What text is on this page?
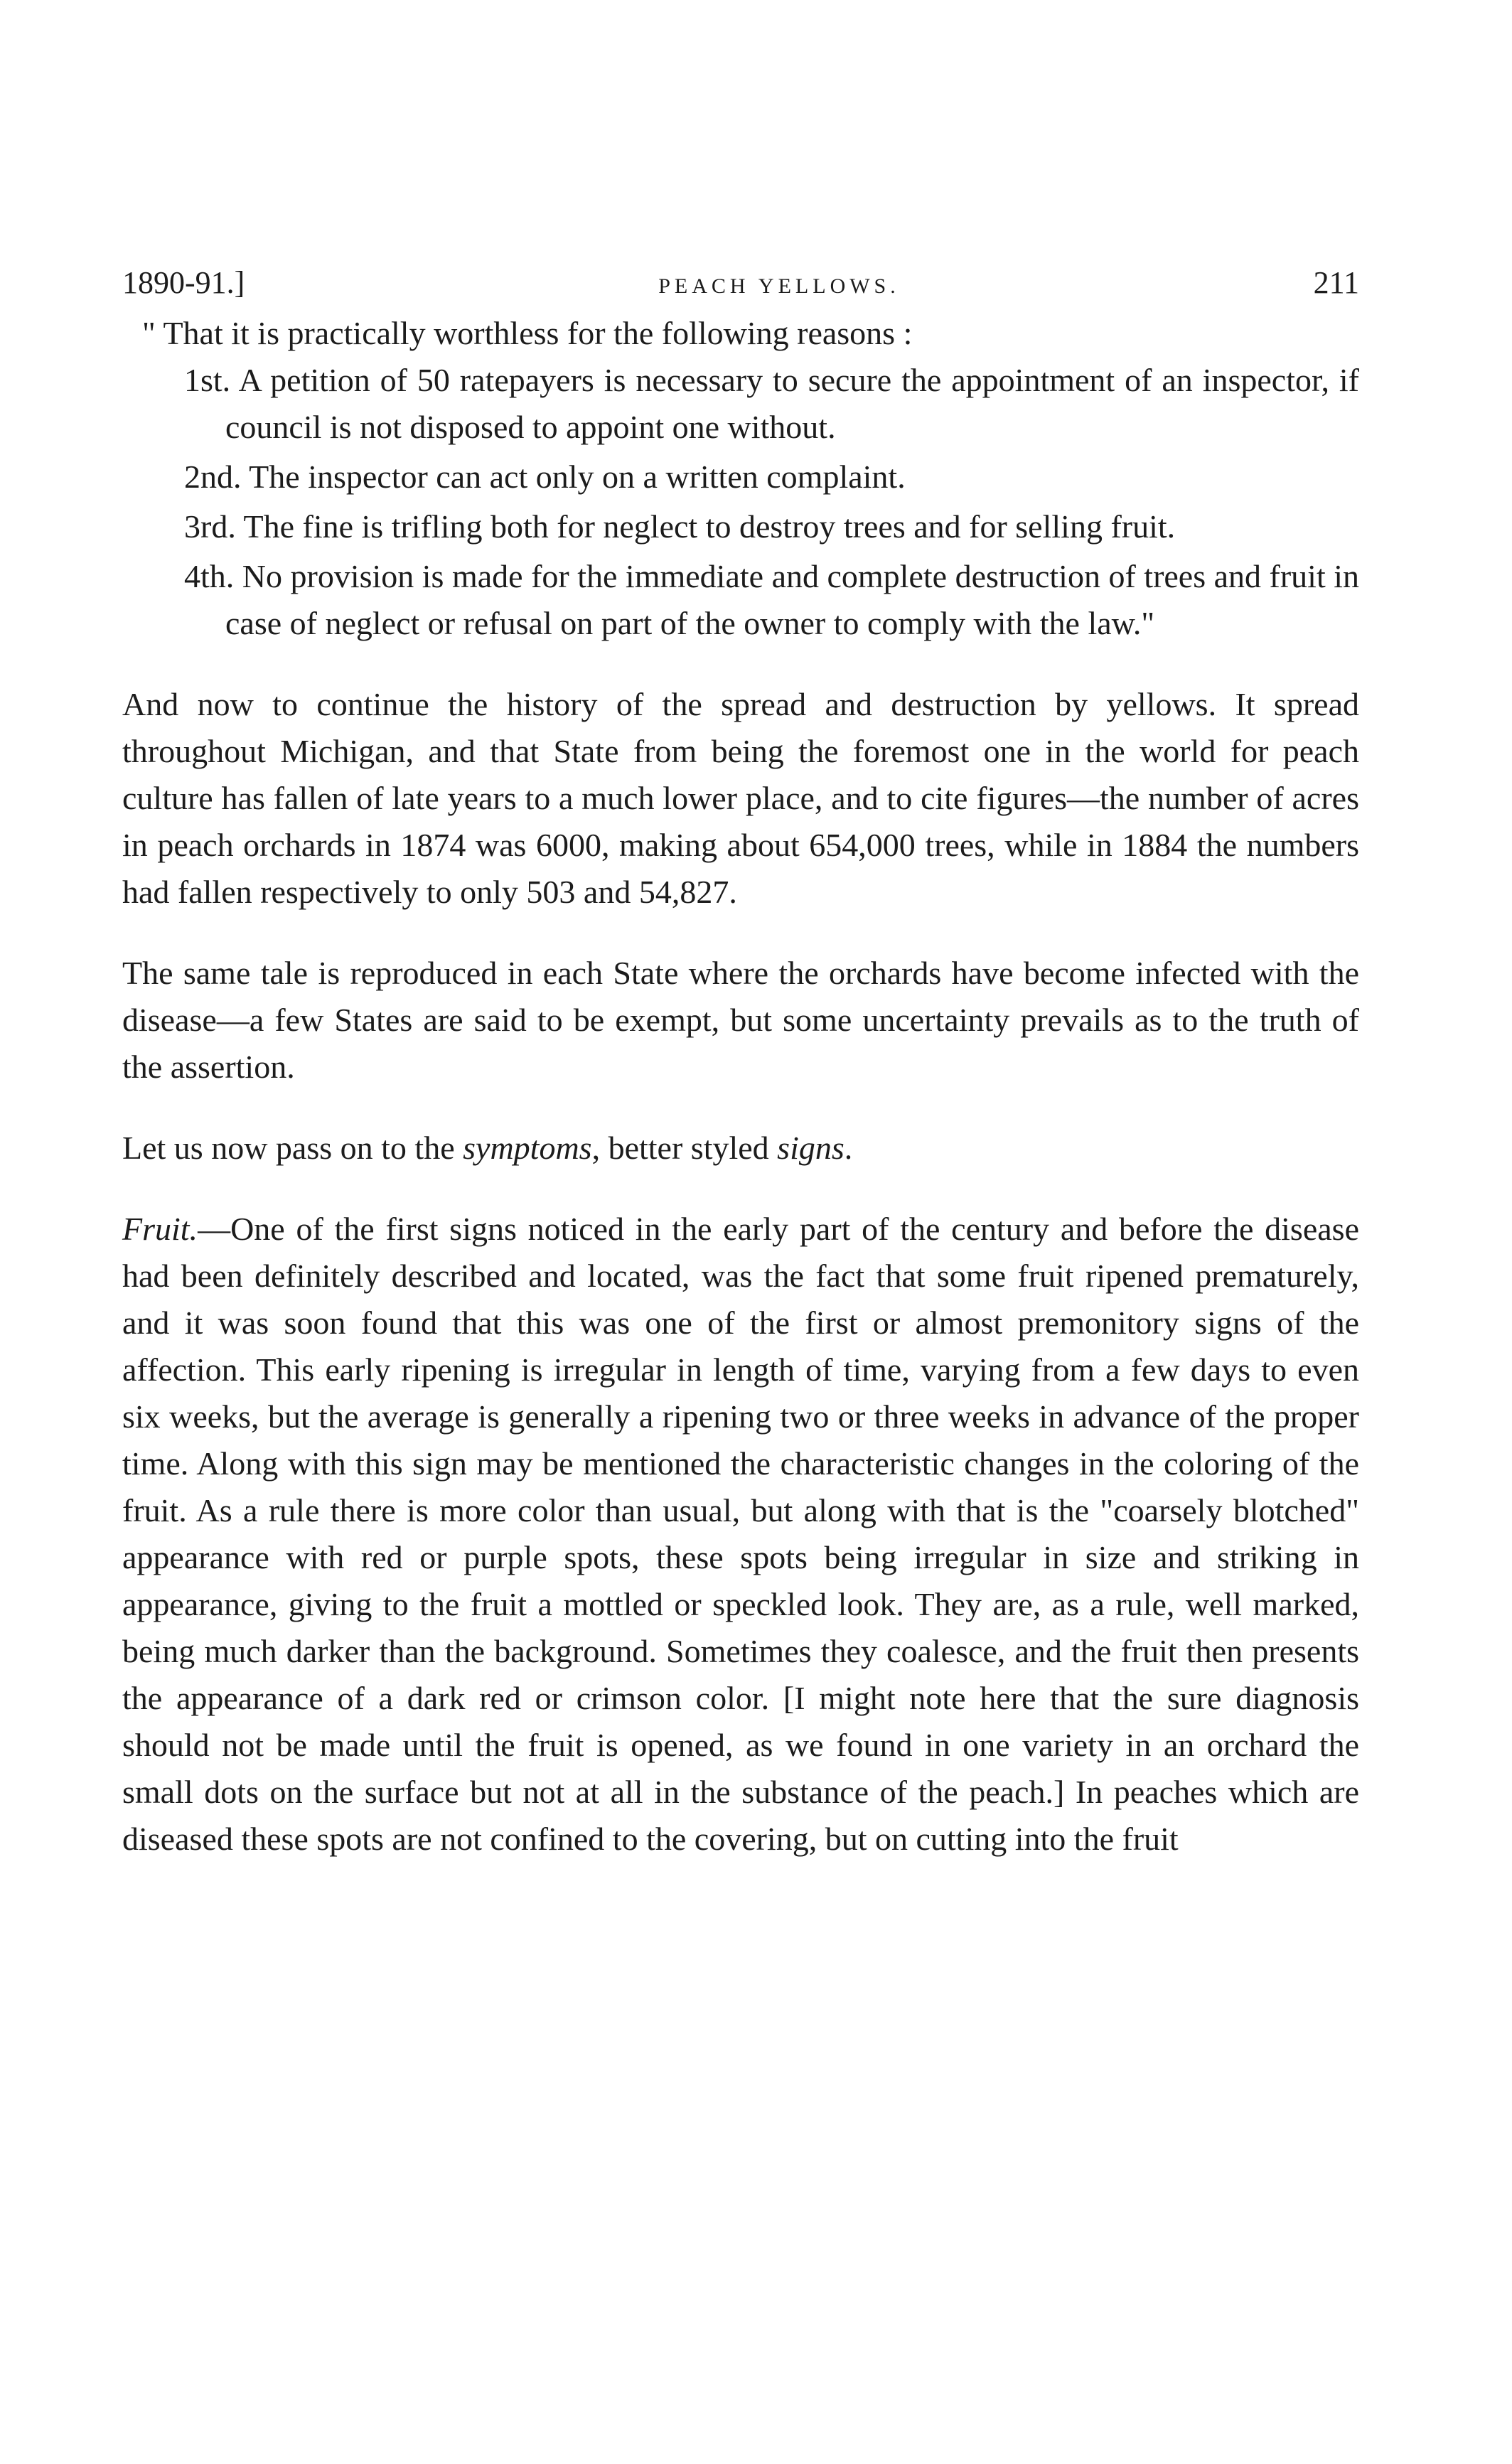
1890-91.]	PEACH YELLOWS.	211

" That it is practically worthless for the following reasons :

1st. A petition of 50 ratepayers is necessary to secure the appointment of an inspector, if council is not disposed to appoint one without.
2nd. The inspector can act only on a written complaint.
3rd. The fine is trifling both for neglect to destroy trees and for selling fruit.
4th. No provision is made for the immediate and complete destruction of trees and fruit in case of neglect or refusal on part of the owner to comply with the law."

And now to continue the history of the spread and destruction by yellows. It spread throughout Michigan, and that State from being the foremost one in the world for peach culture has fallen of late years to a much lower place, and to cite figures—the number of acres in peach orchards in 1874 was 6000, making about 654,000 trees, while in 1884 the numbers had fallen respectively to only 503 and 54,827.

The same tale is reproduced in each State where the orchards have become infected with the disease—a few States are said to be exempt, but some uncertainty prevails as to the truth of the assertion.

Let us now pass on to the symptoms, better styled signs.

Fruit.—One of the first signs noticed in the early part of the century and before the disease had been definitely described and located, was the fact that some fruit ripened prematurely, and it was soon found that this was one of the first or almost premonitory signs of the affection. This early ripening is irregular in length of time, varying from a few days to even six weeks, but the average is generally a ripening two or three weeks in advance of the proper time. Along with this sign may be mentioned the characteristic changes in the coloring of the fruit. As a rule there is more color than usual, but along with that is the "coarsely blotched" appearance with red or purple spots, these spots being irregular in size and striking in appearance, giving to the fruit a mottled or speckled look. They are, as a rule, well marked, being much darker than the background. Sometimes they coalesce, and the fruit then presents the appearance of a dark red or crimson color. [I might note here that the sure diagnosis should not be made until the fruit is opened, as we found in one variety in an orchard the small dots on the surface but not at all in the substance of the peach.] In peaches which are diseased these spots are not confined to the covering, but on cutting into the fruit
